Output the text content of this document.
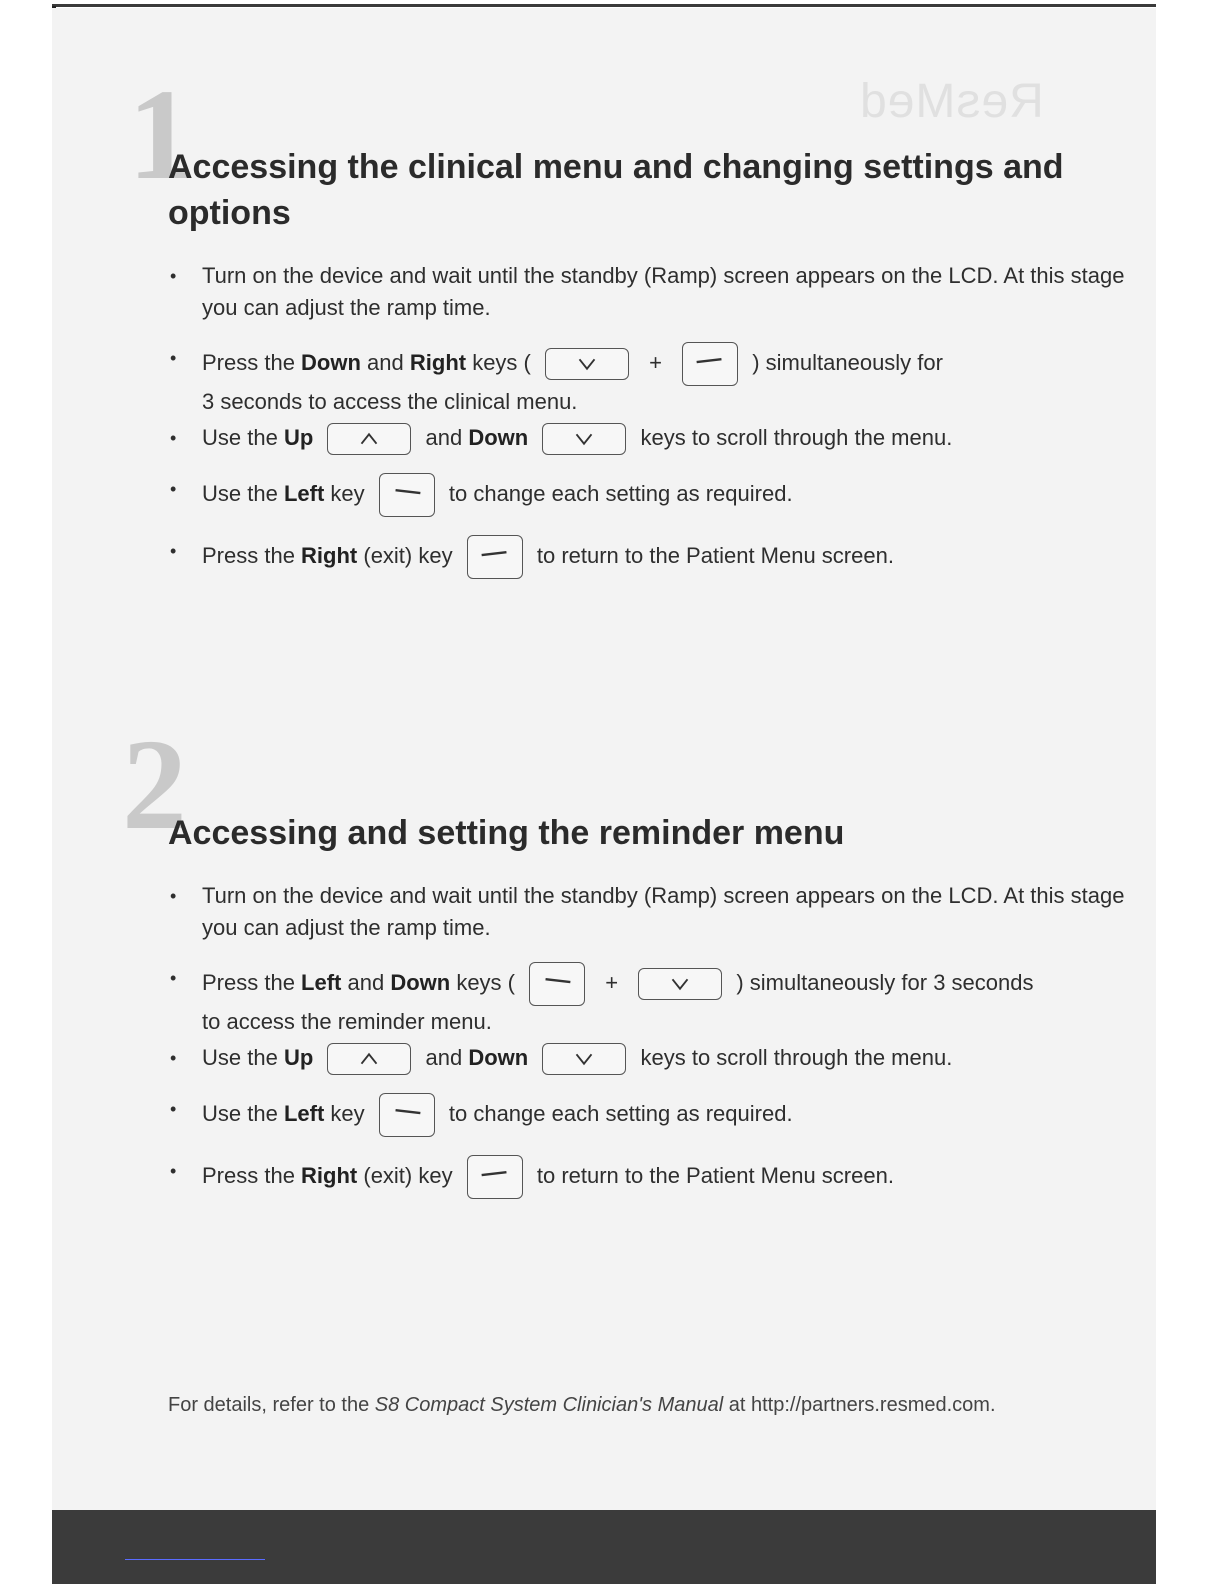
ResMed
1
Accessing the clinical menu and changing settings and options
• Turn on the device and wait until the standby (Ramp) screen appears on the LCD. At this stage you can adjust the ramp time.
• Press the Down and Right keys (	+	) simultaneously for
3 seconds to access the clinical menu.
• Use the Up	and Down	keys to scroll through the menu.
• Use the Left key	to change each setting as required.
• Press the Right (exit) key	to return to the Patient Menu screen.
2
Accessing and setting the reminder menu
• Turn on the device and wait until the standby (Ramp) screen appears on the LCD. At this stage you can adjust the ramp time.
• Press the Left and Down keys (	+	) simultaneously for 3 seconds
to access the reminder menu.
• Use the Up	and Down	keys to scroll through the menu.
• Use the Left key	to change each setting as required.
• Press the Right (exit) key	to return to the Patient Menu screen.
For details, refer to the S8 Compact System Clinician's Manual at http://partners.resmed.com.
